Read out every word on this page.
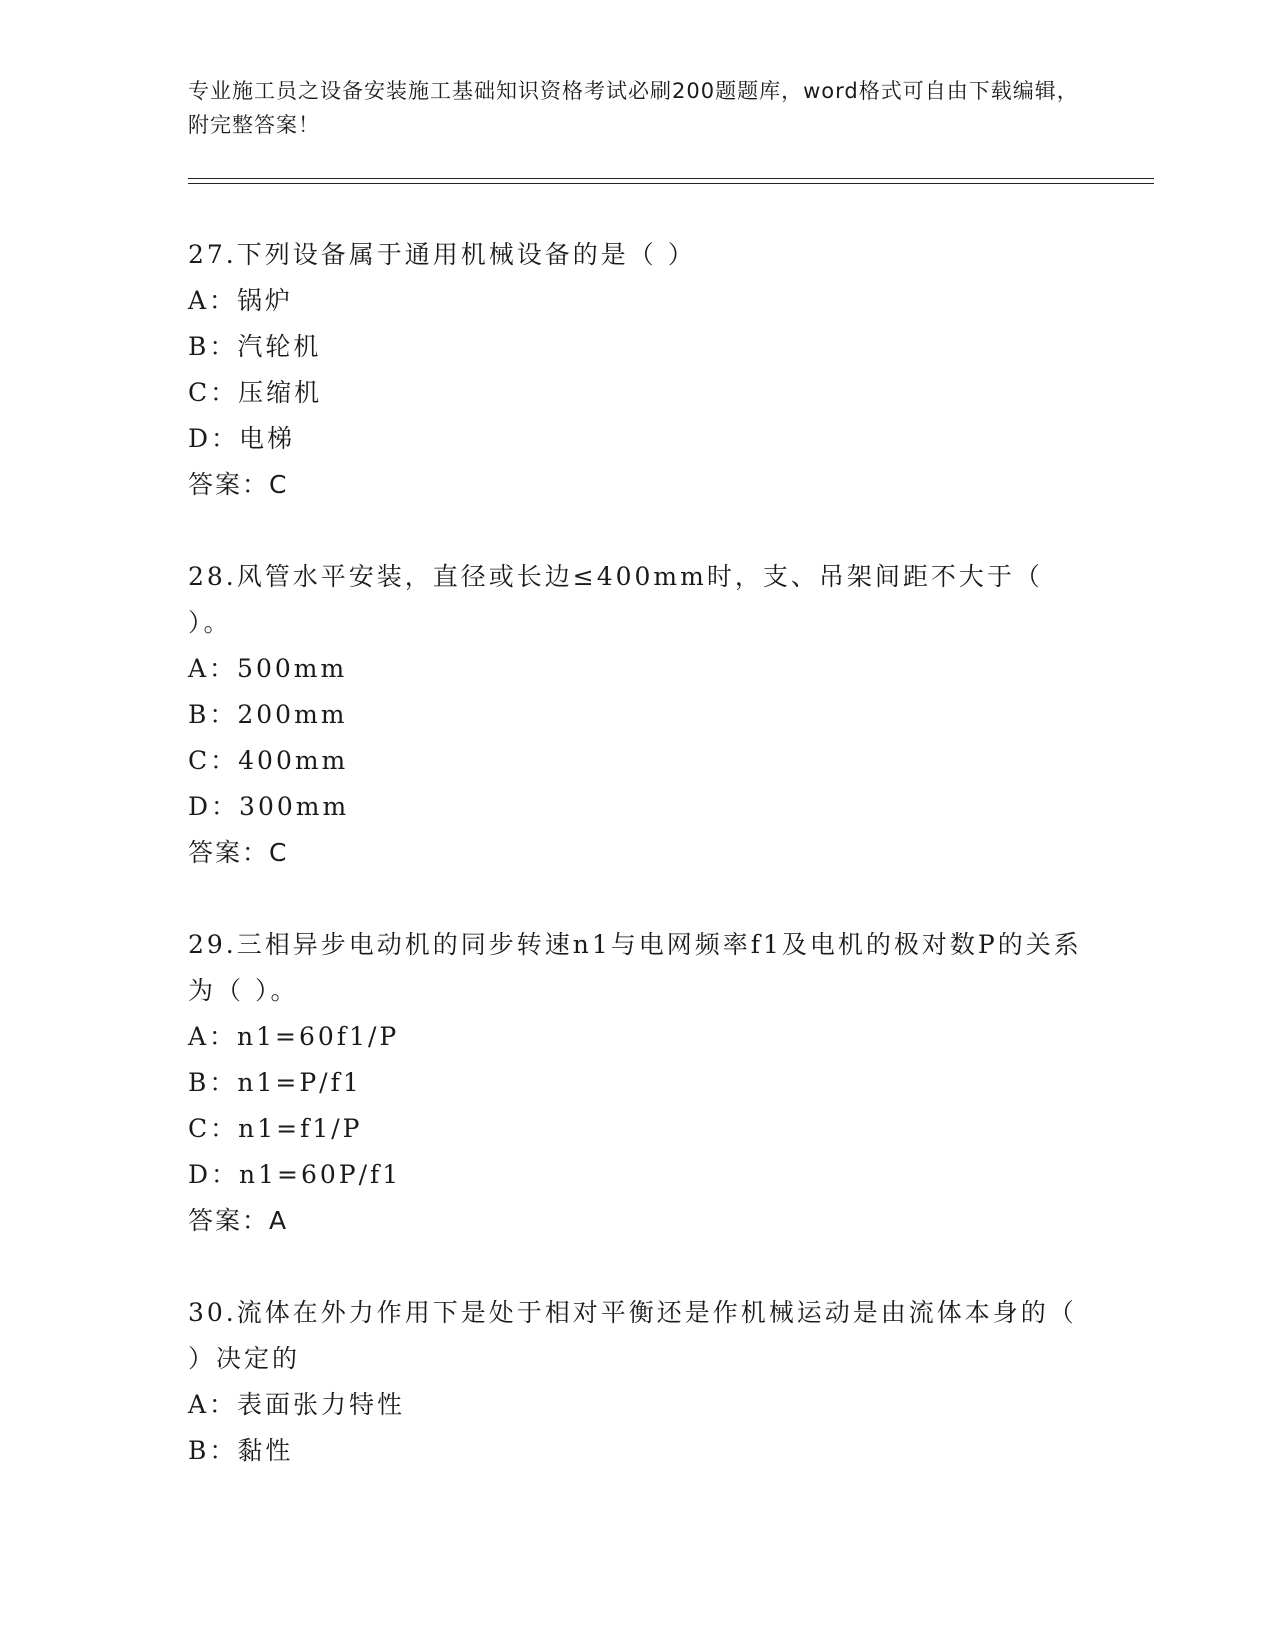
专业施工员之设备安装施工基础知识资格考试必刷200题题库，word格式可自由下载编辑，附完整答案！
27.下列设备属于通用机械设备的是（ ）
A：锅炉
B：汽轮机
C：压缩机
D：电梯
答案：C
28.风管水平安装，直径或长边≤400mm时，支、吊架间距不大于（ ）。
A：500mm
B：200mm
C：400mm
D：300mm
答案：C
29.三相异步电动机的同步转速n1与电网频率f1及电机的极对数P的关系为（ ）。
A：n1=60f1/P
B：n1=P/f1
C：n1=f1/P
D：n1=60P/f1
答案：A
30.流体在外力作用下是处于相对平衡还是作机械运动是由流体本身的（ ）决定的
A：表面张力特性
B：黏性
